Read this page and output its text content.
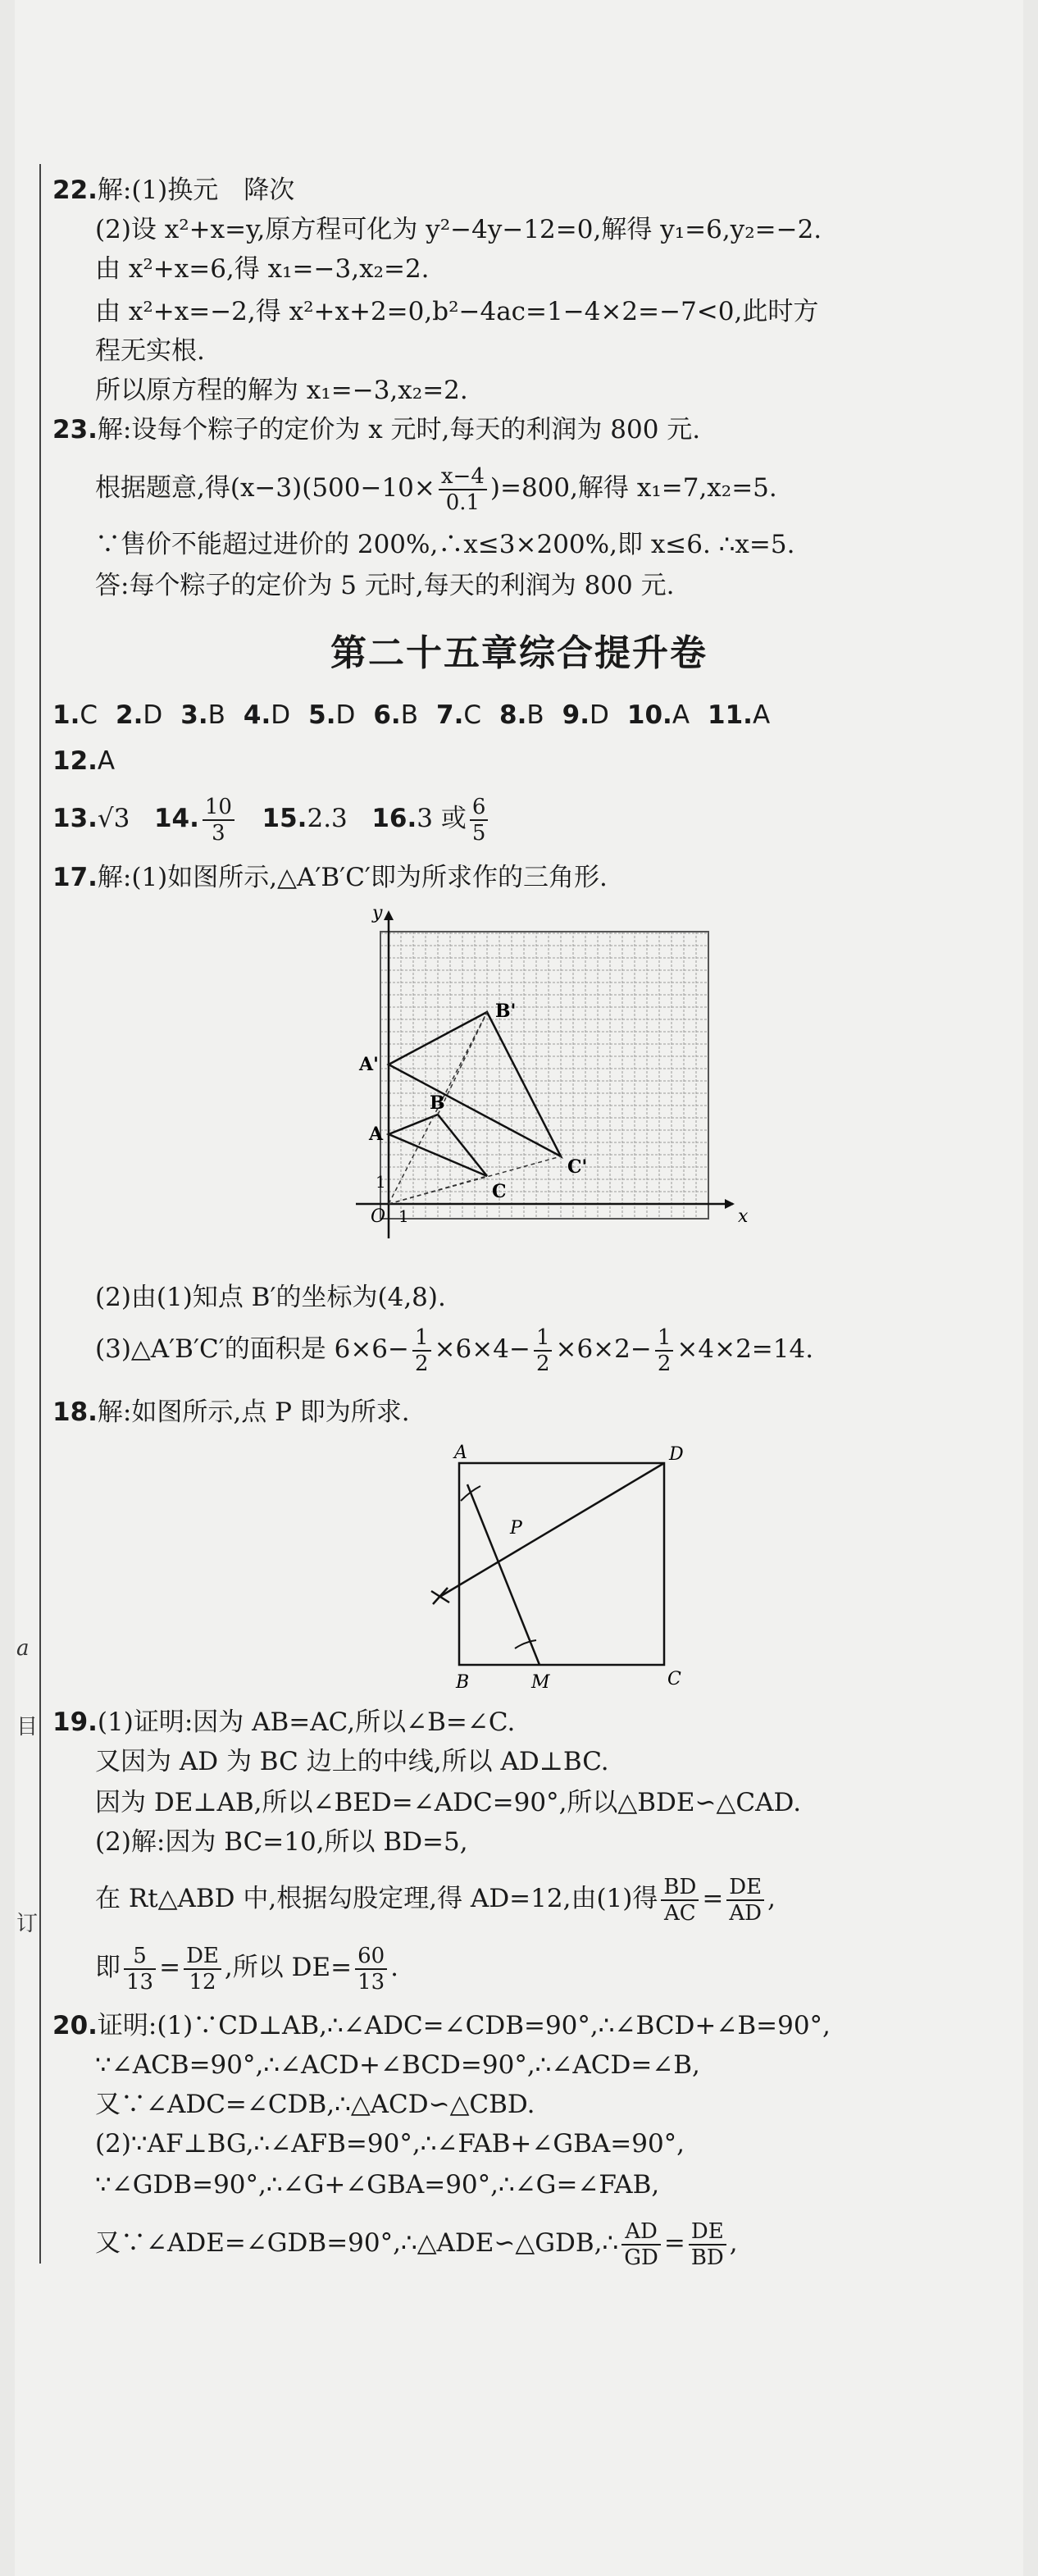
a
目
订
22.解:(1)换元　降次
(2)设 x²+x=y,原方程可化为 y²−4y−12=0,解得 y₁=6,y₂=−2.
由 x²+x=6,得 x₁=−3,x₂=2.
由 x²+x=−2,得 x²+x+2=0,b²−4ac=1−4×2=−7<0,此时方
程无实根.
所以原方程的解为 x₁=−3,x₂=2.
23.解:设每个粽子的定价为 x 元时,每天的利润为 800 元.
根据题意,得$(x-3)(500-10\times \frac{x-4}{0.1} )=800$,解得 x₁=7,x₂=5.
∵售价不能超过进价的 200%,∴x≤3×200%,即 x≤6. ∴x=5.
答:每个粽子的定价为 5 元时,每天的利润为 800 元.
第二十五章综合提升卷
1.C 2.D 3.B 4.D 5.D 6.B 7.C 8.B 9.D 10.A 11.A
12.A
13.√3 14. $\frac{10}{3} 15.2.3$ 16.3 或 $\frac{6}{5}$
17.解:(1)如图所示,△A′B′C′即为所求作的三角形.
y
x
O 1
1
A
B
C
A'
B'
C'
(2)由(1)知点 B′的坐标为(4,8).
(3)△A′B′C′的面积是 $6\times 6- \frac{1}{2} \times 6\times 4- \frac{1}{2} \times 6\times 2- \frac{1}{2} \times 4\times 2=14$.
18.解:如图所示,点 P 即为所求.
A	D
B	C
M
P
19.(1)证明:因为 AB=AC,所以∠B=∠C.
又因为 AD 为 BC 边上的中线,所以 AD⊥BC.
因为 DE⊥AB,所以∠BED=∠ADC=90°,所以△BDE∽△CAD.
(2)解:因为 BC=10,所以 BD=5,
在 Rt△ABD 中,根据勾股定理,得 AD=12,由(1)得 $\frac{BD}{AC} = \frac{DE}{AD}$ ,
即 $\frac{5}{13} = \frac{DE}{12}$ ,所以 $DE= \frac{60}{13}$ .
20.证明:(1)∵CD⊥AB,∴∠ADC=∠CDB=90°,∴∠BCD+∠B=90°,
∵∠ACB=90°,∴∠ACD+∠BCD=90°,∴∠ACD=∠B,
又∵∠ADC=∠CDB,∴△ACD∽△CBD.
(2)∵AF⊥BG,∴∠AFB=90°,∴∠FAB+∠GBA=90°,
∵∠GDB=90°,∴∠G+∠GBA=90°,∴∠G=∠FAB,
又∵∠ADE=∠GDB=90°,∴△ADE∽△GDB,∴ $\frac{AD}{GD} = \frac{DE}{BD}$ ,
